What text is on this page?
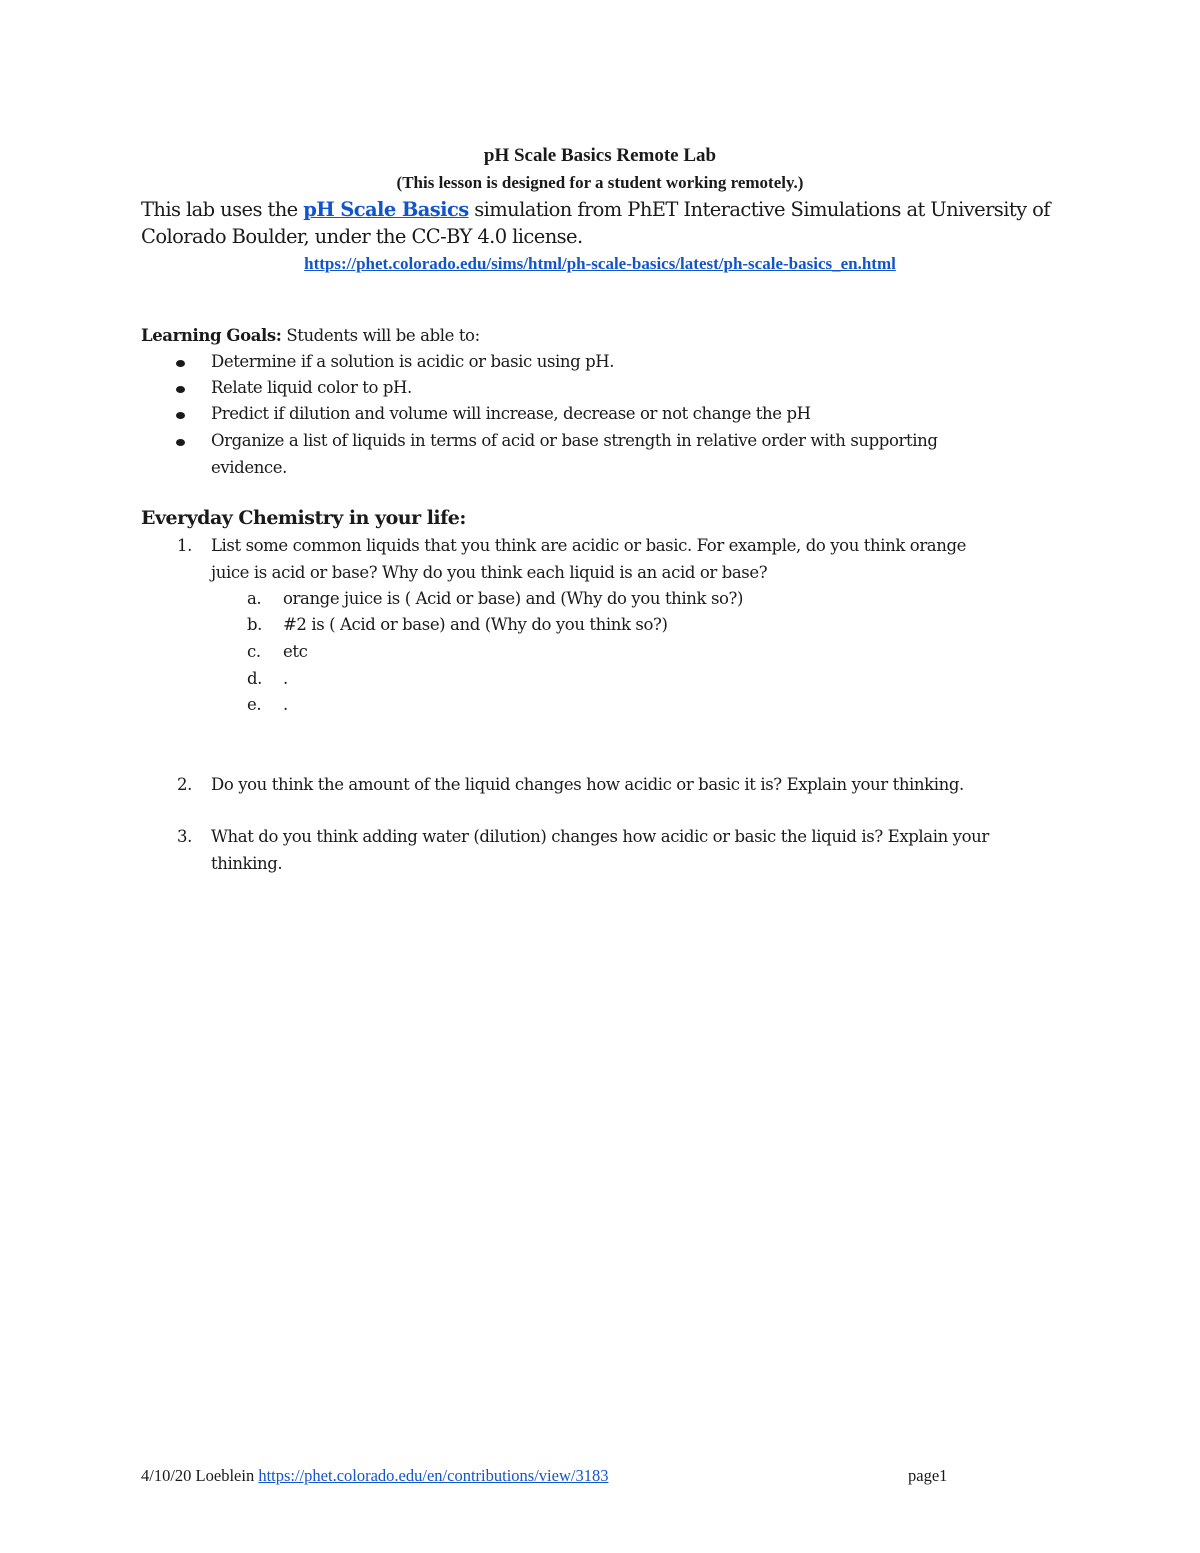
pH Scale Basics Remote Lab
(This lesson is designed for a student working remotely.)
This lab uses the pH Scale Basics simulation from PhET Interactive Simulations at University of
Colorado Boulder, under the CC-BY 4.0 license.
https://phet.colorado.edu/sims/html/ph-scale-basics/latest/ph-scale-basics_en.html
Learning Goals: Students will be able to:
Determine if a solution is acidic or basic using pH.
Relate liquid color to pH.
Predict if dilution and volume will increase, decrease or not change the pH
Organize a list of liquids in terms of acid or base strength in relative order with supporting
evidence.
Everyday Chemistry in your life:
1. List some common liquids that you think are acidic or basic. For example, do you think orange
juice is acid or base? Why do you think each liquid is an acid or base?
a. orange juice is ( Acid or base) and (Why do you think so?)
b. #2 is ( Acid or base) and (Why do you think so?)
c. etc
d. .
e. .
2. Do you think the amount of the liquid changes how acidic or basic it is? Explain your thinking.
3. What do you think adding water (dilution) changes how acidic or basic the liquid is? Explain your
thinking.
4/10/20 Loeblein https://phet.colorado.edu/en/contributions/view/3183	page1
